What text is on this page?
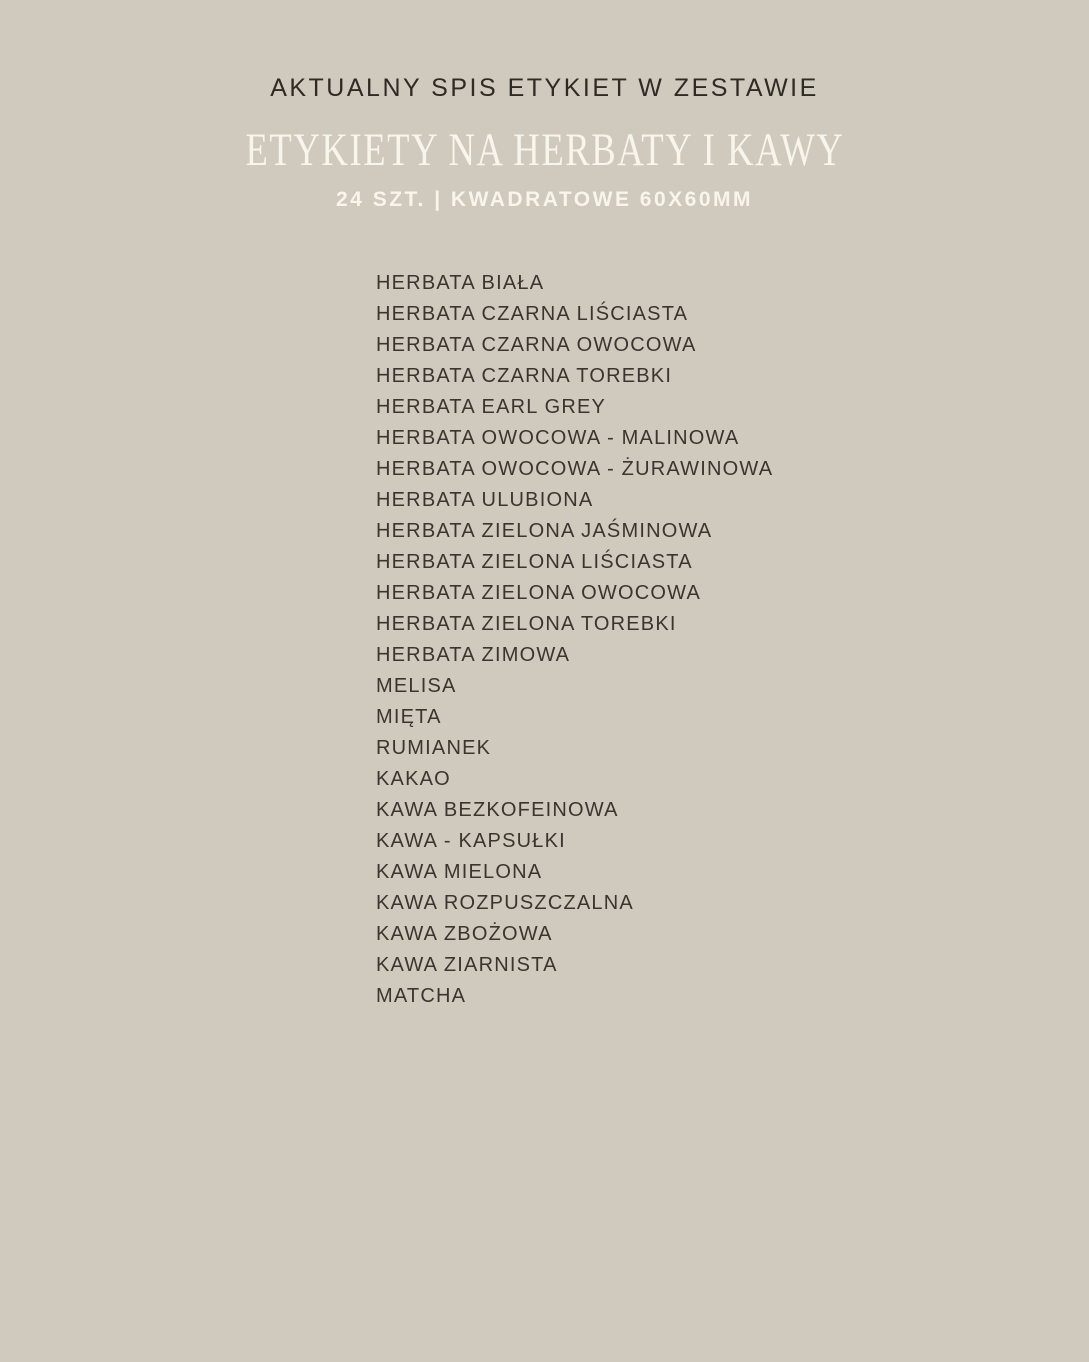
AKTUALNY SPIS ETYKIET W ZESTAWIE
ETYKIETY NA HERBATY I KAWY
24 SZT. | KWADRATOWE 60X60MM
HERBATA BIAŁA
HERBATA CZARNA LIŚCIASTA
HERBATA CZARNA OWOCOWA
HERBATA CZARNA TOREBKI
HERBATA EARL GREY
HERBATA OWOCOWA - MALINOWA
HERBATA OWOCOWA - ŻURAWINOWA
HERBATA ULUBIONA
HERBATA ZIELONA JAŚMINOWA
HERBATA ZIELONA LIŚCIASTA
HERBATA ZIELONA OWOCOWA
HERBATA ZIELONA TOREBKI
HERBATA ZIMOWA
MELISA
MIĘTA
RUMIANEK
KAKAO
KAWA BEZKOFEINOWA
KAWA - KAPSUŁKI
KAWA MIELONA
KAWA ROZPUSZCZALNA
KAWA ZBOŻOWA
KAWA ZIARNISTA
MATCHA
